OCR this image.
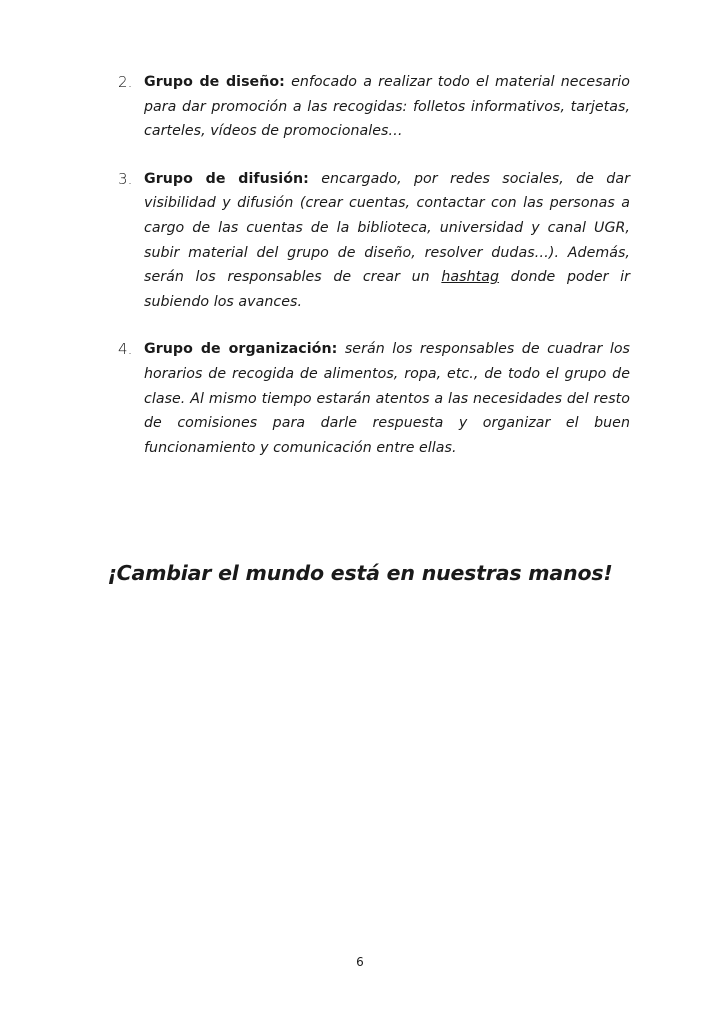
2. Grupo de diseño: enfocado a realizar todo el material necesario para dar promoción a las recogidas: folletos informativos, tarjetas, carteles, vídeos de promocionales…
3. Grupo de difusión: encargado, por redes sociales, de dar visibilidad y difusión (crear cuentas, contactar con las personas a cargo de las cuentas de la biblioteca, universidad y canal UGR, subir material del grupo de diseño, resolver dudas…). Además, serán los responsables de crear un hashtag donde poder ir subiendo los avances.
4. Grupo de organización: serán los responsables de cuadrar los horarios de recogida de alimentos, ropa, etc., de todo el grupo de clase. Al mismo tiempo estarán atentos a las necesidades del resto de comisiones para darle respuesta y organizar el buen funcionamiento y comunicación entre ellas.

¡Cambiar el mundo está en nuestras manos!

6
